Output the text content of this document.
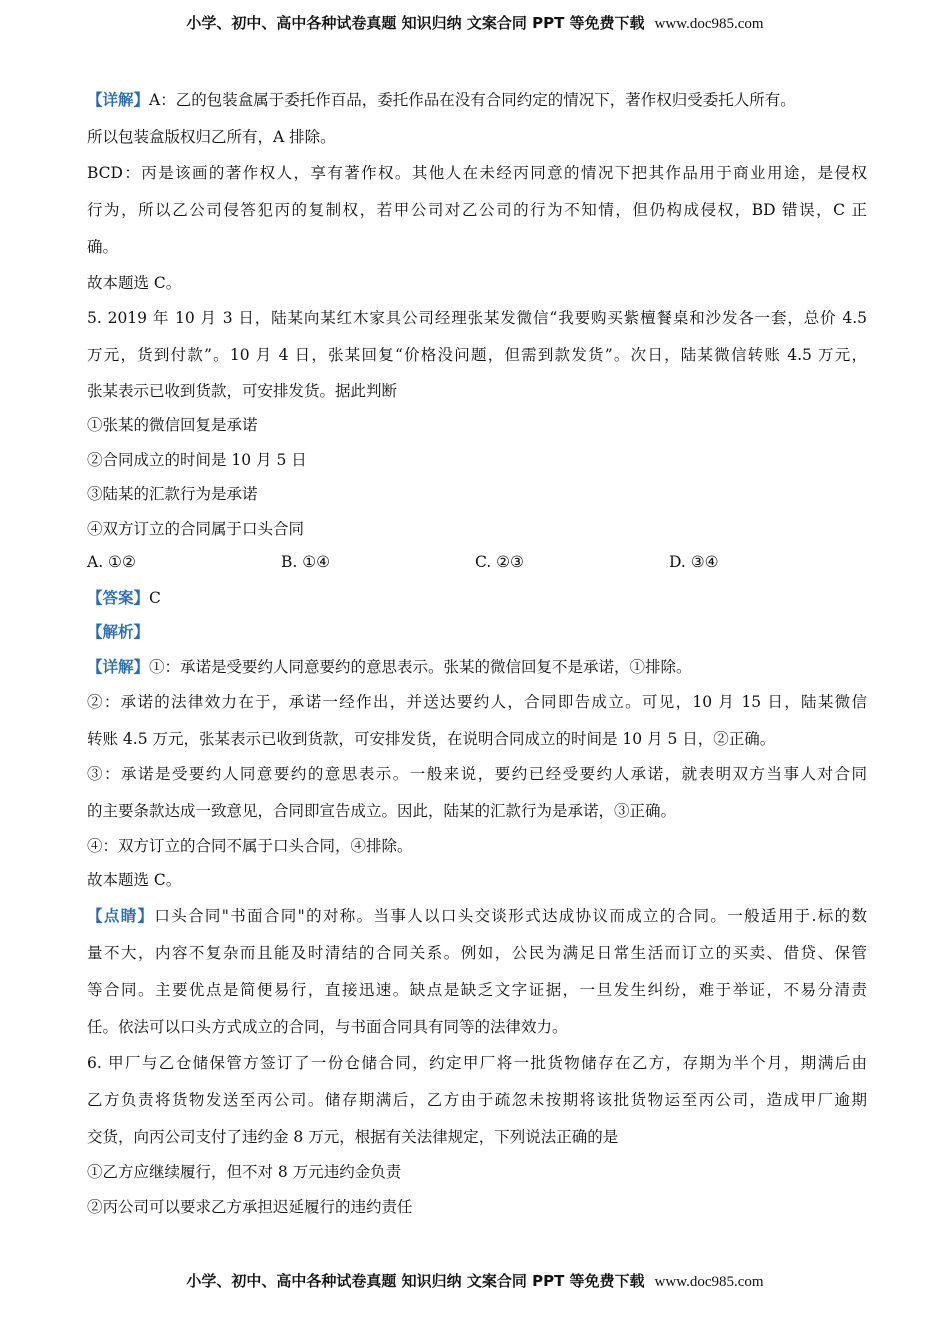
小学、初中、高中各种试卷真题 知识归纳 文案合同 PPT 等免费下载 www.doc985.com
【详解】A：乙的包装盒属于委托作百品，委托作品在没有合同约定的情况下，著作权归受委托人所有。
所以包装盒版权归乙所有，A 排除。
BCD：丙是该画的著作权人，享有著作权。其他人在未经丙同意的情况下把其作品用于商业用途，是侵权
行为，所以乙公司侵答犯丙的复制权，若甲公司对乙公司的行为不知情，但仍构成侵权，BD 错误，C 正
确。
故本题选 C。
5. 2019 年 10 月 3 日，陆某向某红木家具公司经理张某发微信“我要购买紫檀餐桌和沙发各一套，总价 4.5
万元，货到付款”。10 月 4 日，张某回复“价格没问题，但需到款发货”。次日，陆某微信转账 4.5 万元，
张某表示已收到货款，可安排发货。据此判断
①张某的微信回复是承诺
②合同成立的时间是 10 月 5 日
③陆某的汇款行为是承诺
④双方订立的合同属于口头合同
A. ①②	B. ①④	C. ②③	D. ③④
【答案】C
【解析】
【详解】①：承诺是受要约人同意要约的意思表示。张某的微信回复不是承诺，①排除。
②：承诺的法律效力在于，承诺一经作出，并送达要约人，合同即告成立。可见，10 月 15 日，陆某微信
转账 4.5 万元，张某表示已收到货款，可安排发货，在说明合同成立的时间是 10 月 5 日，②正确。
③：承诺是受要约人同意要约的意思表示。一般来说，要约已经受要约人承诺，就表明双方当事人对合同
的主要条款达成一致意见，合同即宣告成立。因此，陆某的汇款行为是承诺，③正确。
④：双方订立的合同不属于口头合同，④排除。
故本题选 C。
【点睛】口头合同"书面合同"的对称。当事人以口头交谈形式达成协议而成立的合同。一般适用于.标的数
量不大，内容不复杂而且能及时清结的合同关系。例如，公民为满足日常生活而订立的买卖、借贷、保管
等合同。主要优点是简便易行，直接迅速。缺点是缺乏文字证据，一旦发生纠纷，难于举证，不易分清责
任。依法可以口头方式成立的合同，与书面合同具有同等的法律效力。
6. 甲厂与乙仓储保管方签订了一份仓储合同，约定甲厂将一批货物储存在乙方，存期为半个月，期满后由
乙方负责将货物发送至丙公司。储存期满后，乙方由于疏忽未按期将该批货物运至丙公司，造成甲厂逾期
交货，向丙公司支付了违约金 8 万元，根据有关法律规定，下列说法正确的是
①乙方应继续履行，但不对 8 万元违约金负责
②丙公司可以要求乙方承担迟延履行的违约责任
小学、初中、高中各种试卷真题 知识归纳 文案合同 PPT 等免费下载 www.doc985.com
